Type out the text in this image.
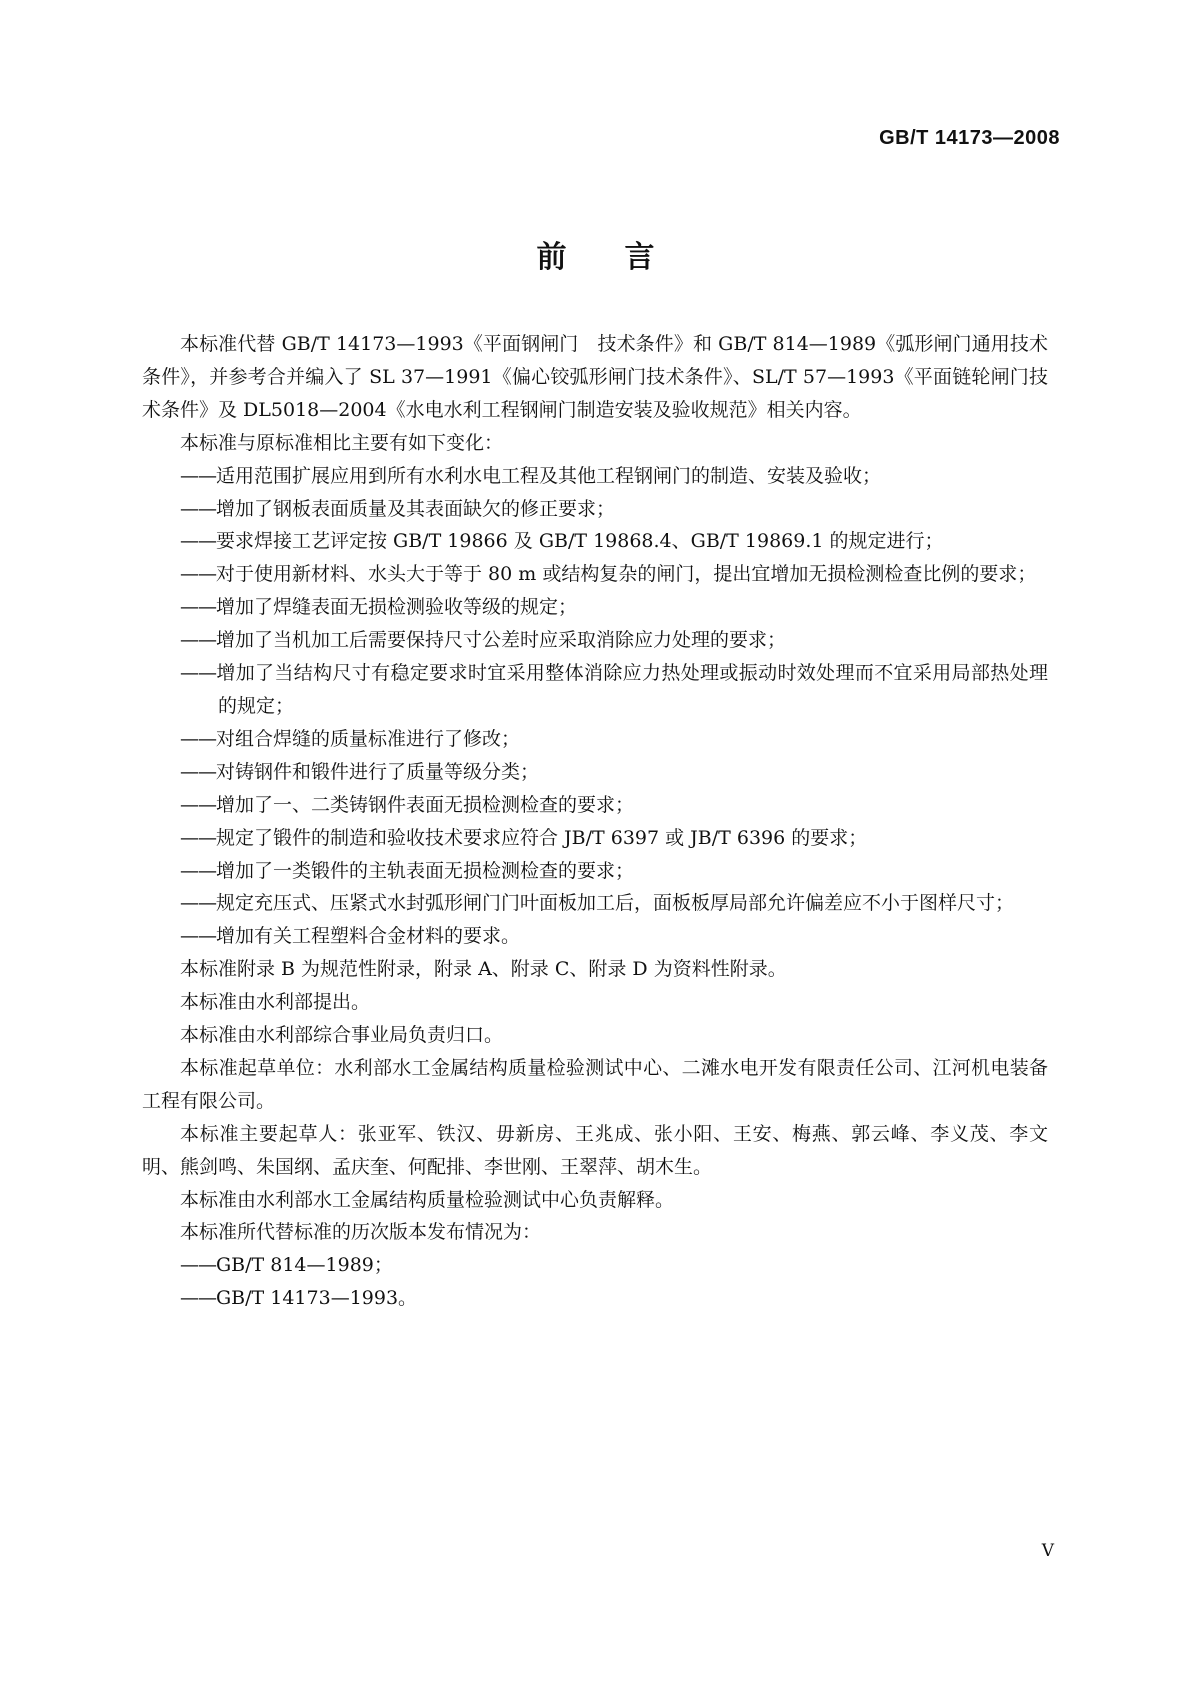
GB/T 14173—2008
前言

本标准代替 GB/T 14173—1993《平面钢闸门　技术条件》和 GB/T 814—1989《弧形闸门通用技术条件》，并参考合并编入了 SL 37—1991《偏心铰弧形闸门技术条件》、SL/T 57—1993《平面链轮闸门技术条件》及 DL5018—2004《水电水利工程钢闸门制造安装及验收规范》相关内容。

本标准与原标准相比主要有如下变化：

——适用范围扩展应用到所有水利水电工程及其他工程钢闸门的制造、安装及验收；

——增加了钢板表面质量及其表面缺欠的修正要求；

——要求焊接工艺评定按 GB/T 19866 及 GB/T 19868.4、GB/T 19869.1 的规定进行；

——对于使用新材料、水头大于等于 80 m 或结构复杂的闸门，提出宜增加无损检测检查比例的要求；

——增加了焊缝表面无损检测验收等级的规定；

——增加了当机加工后需要保持尺寸公差时应采取消除应力处理的要求；

——增加了当结构尺寸有稳定要求时宜采用整体消除应力热处理或振动时效处理而不宜采用局部热处理的规定；

——对组合焊缝的质量标准进行了修改；

——对铸钢件和锻件进行了质量等级分类；

——增加了一、二类铸钢件表面无损检测检查的要求；

——规定了锻件的制造和验收技术要求应符合 JB/T 6397 或 JB/T 6396 的要求；

——增加了一类锻件的主轨表面无损检测检查的要求；

——规定充压式、压紧式水封弧形闸门门叶面板加工后，面板板厚局部允许偏差应不小于图样尺寸；

——增加有关工程塑料合金材料的要求。

本标准附录 B 为规范性附录，附录 A、附录 C、附录 D 为资料性附录。

本标准由水利部提出。

本标准由水利部综合事业局负责归口。

本标准起草单位：水利部水工金属结构质量检验测试中心、二滩水电开发有限责任公司、江河机电装备工程有限公司。

本标准主要起草人：张亚军、铁汉、毋新房、王兆成、张小阳、王安、梅燕、郭云峰、李义茂、李文明、熊剑鸣、朱国纲、孟庆奎、何配排、李世刚、王翠萍、胡木生。

本标准由水利部水工金属结构质量检验测试中心负责解释。

本标准所代替标准的历次版本发布情况为：

——GB/T 814—1989；

——GB/T 14173—1993。

Ⅴ
